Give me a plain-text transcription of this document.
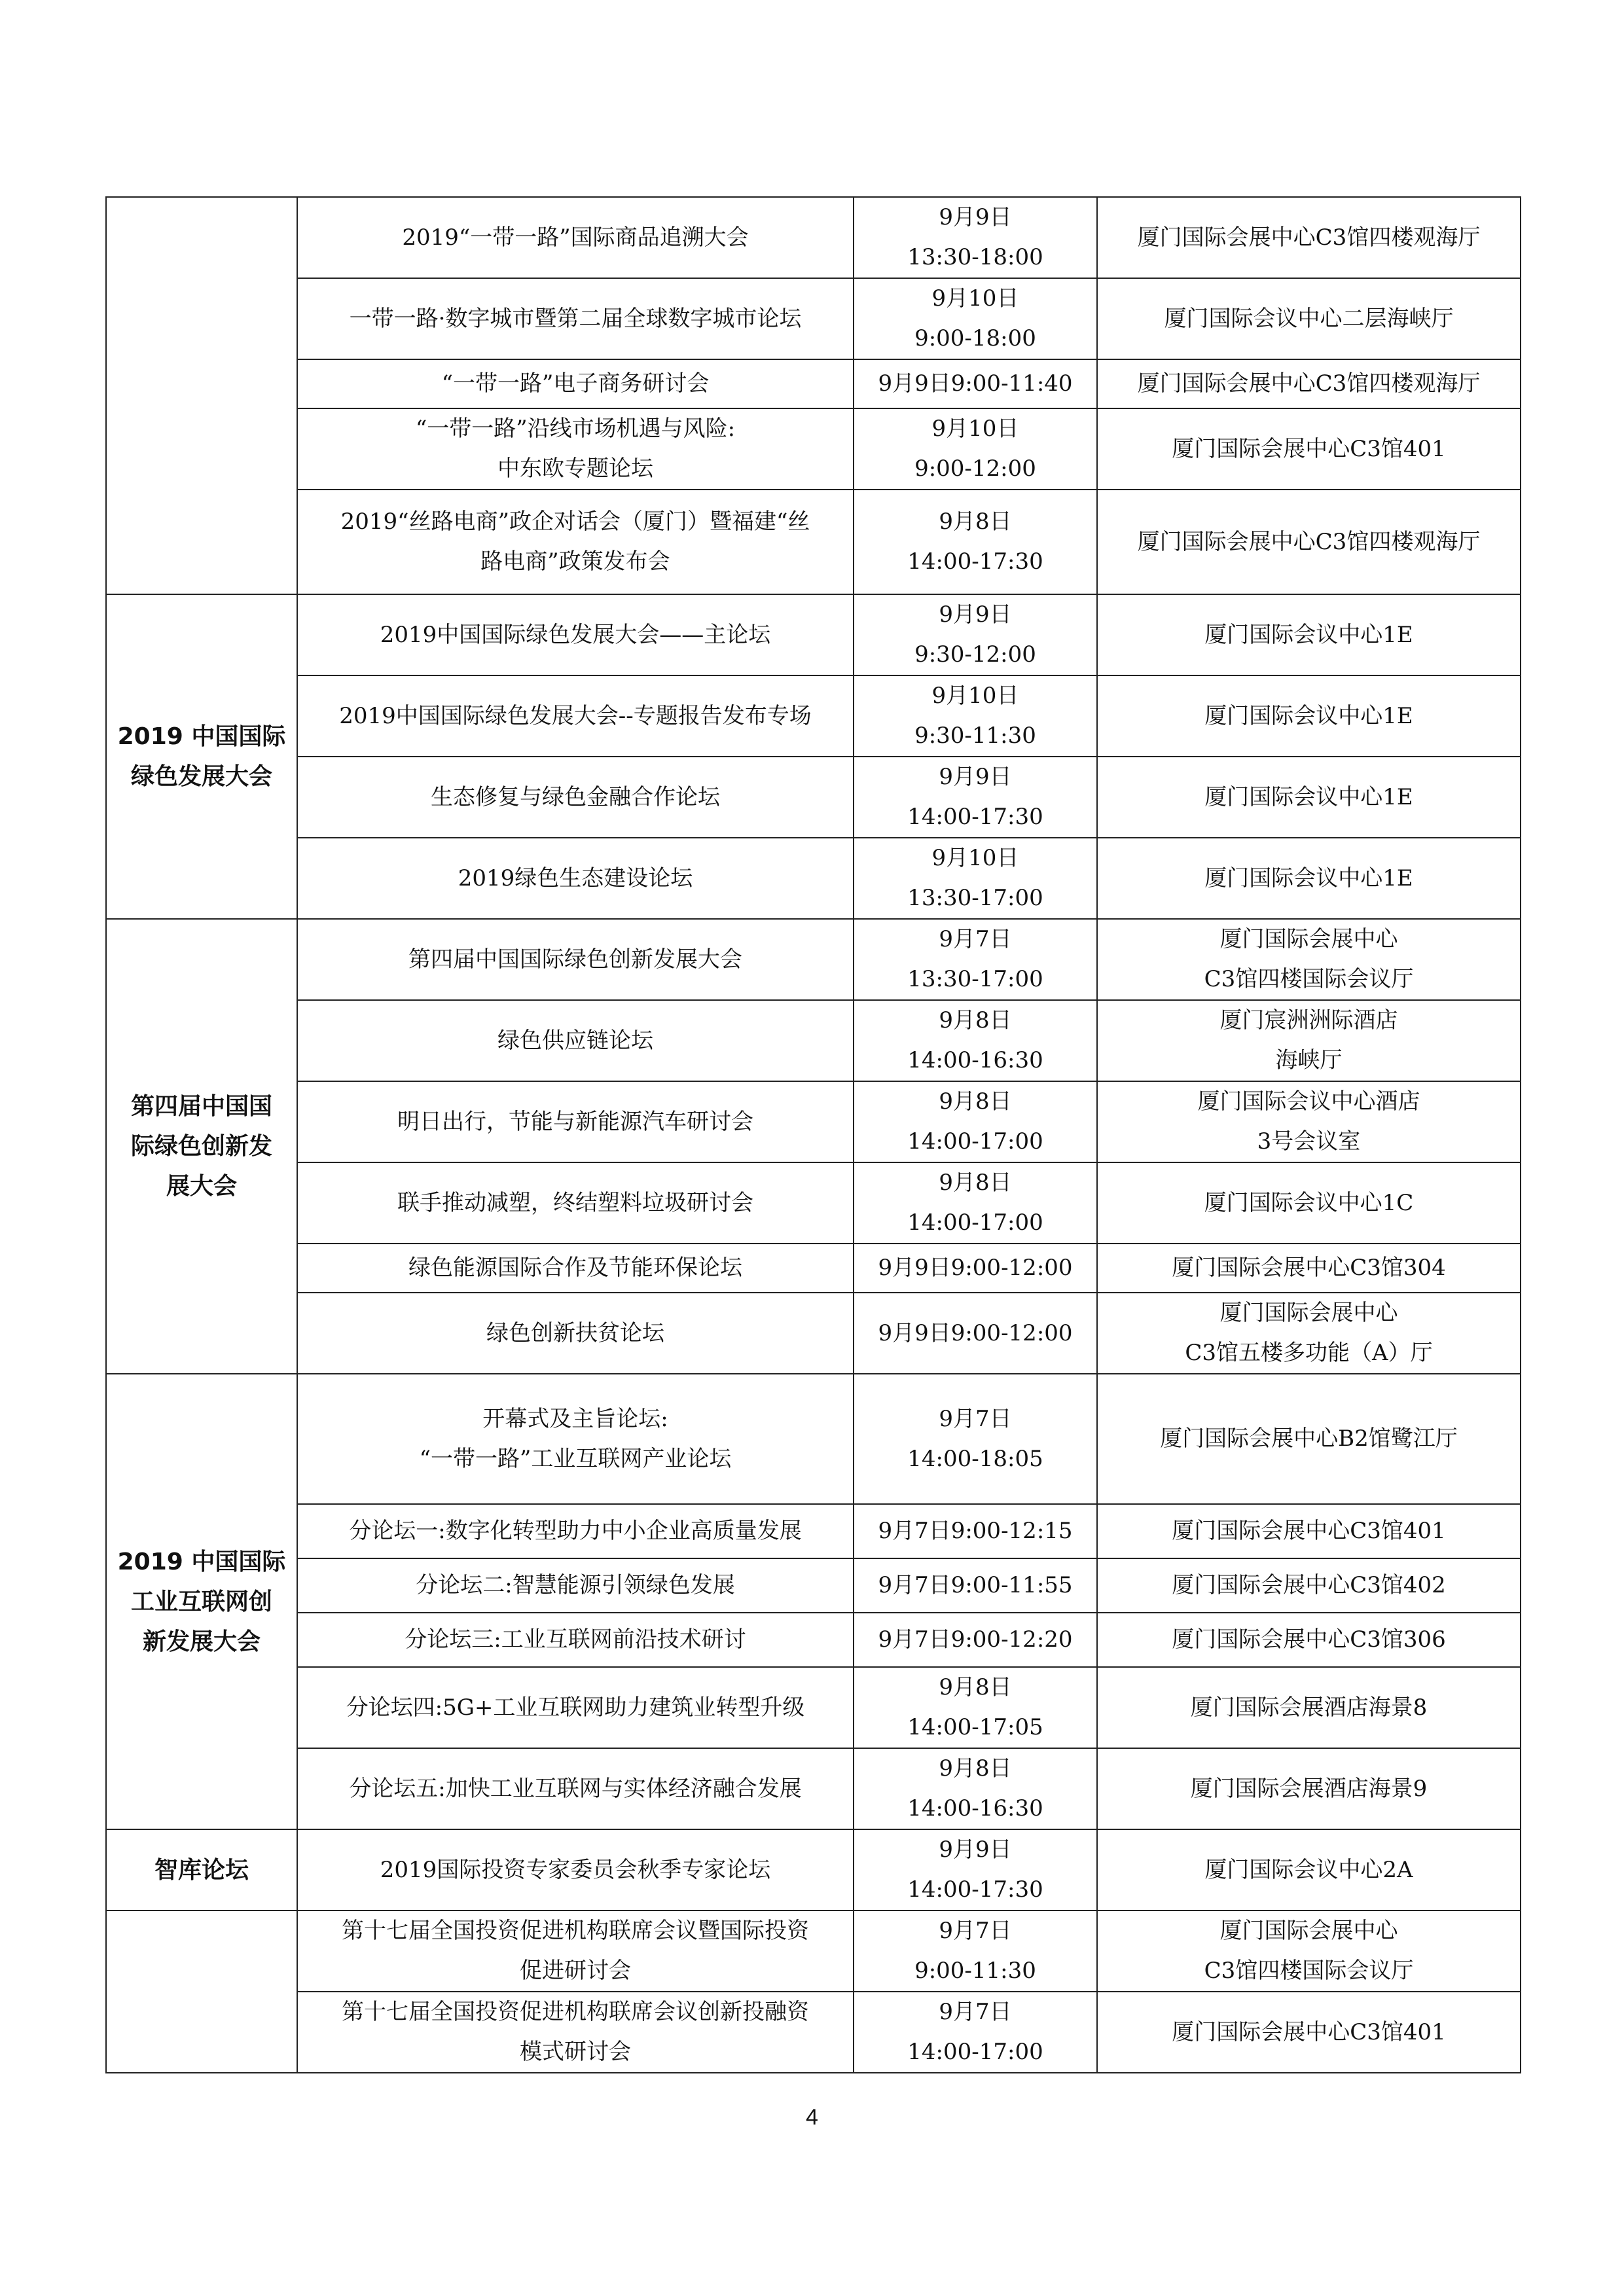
	2019“一带一路”国际商品追溯大会	9月9日
13:30-18:00	厦门国际会展中心C3馆四楼观海厅

	一带一路·数字城市暨第二届全球数字城市论坛	9月10日
9:00-18:00	厦门国际会议中心二层海峡厅

	“一带一路”电子商务研讨会	9月9日9:00-11:40	厦门国际会展中心C3馆四楼观海厅

	“一带一路”沿线市场机遇与风险:
中东欧专题论坛	9月10日
9:00-12:00	厦门国际会展中心C3馆401

	2019“丝路电商”政企对话会（厦门）暨福建“丝
路电商”政策发布会	9月8日
14:00-17:30	厦门国际会展中心C3馆四楼观海厅

2019 中国国际
绿色发展大会	2019中国国际绿色发展大会——主论坛	9月9日
9:30-12:00	厦门国际会议中心1E

	2019中国国际绿色发展大会--专题报告发布专场	9月10日
9:30-11:30	厦门国际会议中心1E

	生态修复与绿色金融合作论坛	9月9日
14:00-17:30	厦门国际会议中心1E

	2019绿色生态建设论坛	9月10日
13:30-17:00	厦门国际会议中心1E

第四届中国国
际绿色创新发
展大会	第四届中国国际绿色创新发展大会	9月7日
13:30-17:00	厦门国际会展中心
C3馆四楼国际会议厅

	绿色供应链论坛	9月8日
14:00-16:30	厦门宸洲洲际酒店
海峡厅

	明日出行，节能与新能源汽车研讨会	9月8日
14:00-17:00	厦门国际会议中心酒店
3号会议室

	联手推动减塑，终结塑料垃圾研讨会	9月8日
14:00-17:00	厦门国际会议中心1C

	绿色能源国际合作及节能环保论坛	9月9日9:00-12:00	厦门国际会展中心C3馆304

	绿色创新扶贫论坛	9月9日9:00-12:00	厦门国际会展中心
C3馆五楼多功能（A）厅

2019 中国国际
工业互联网创
新发展大会	开幕式及主旨论坛:
“一带一路”工业互联网产业论坛	9月7日
14:00-18:05	厦门国际会展中心B2馆鹭江厅

	分论坛一:数字化转型助力中小企业高质量发展	9月7日9:00-12:15	厦门国际会展中心C3馆401

	分论坛二:智慧能源引领绿色发展	9月7日9:00-11:55	厦门国际会展中心C3馆402

	分论坛三:工业互联网前沿技术研讨	9月7日9:00-12:20	厦门国际会展中心C3馆306

	分论坛四:5G+工业互联网助力建筑业转型升级	9月8日
14:00-17:05	厦门国际会展酒店海景8

	分论坛五:加快工业互联网与实体经济融合发展	9月8日
14:00-16:30	厦门国际会展酒店海景9

智库论坛	2019国际投资专家委员会秋季专家论坛	9月9日
14:00-17:30	厦门国际会议中心2A

	第十七届全国投资促进机构联席会议暨国际投资
促进研讨会	9月7日
9:00-11:30	厦门国际会展中心
C3馆四楼国际会议厅

	第十七届全国投资促进机构联席会议创新投融资
模式研讨会	9月7日
14:00-17:00	厦门国际会展中心C3馆401
4
